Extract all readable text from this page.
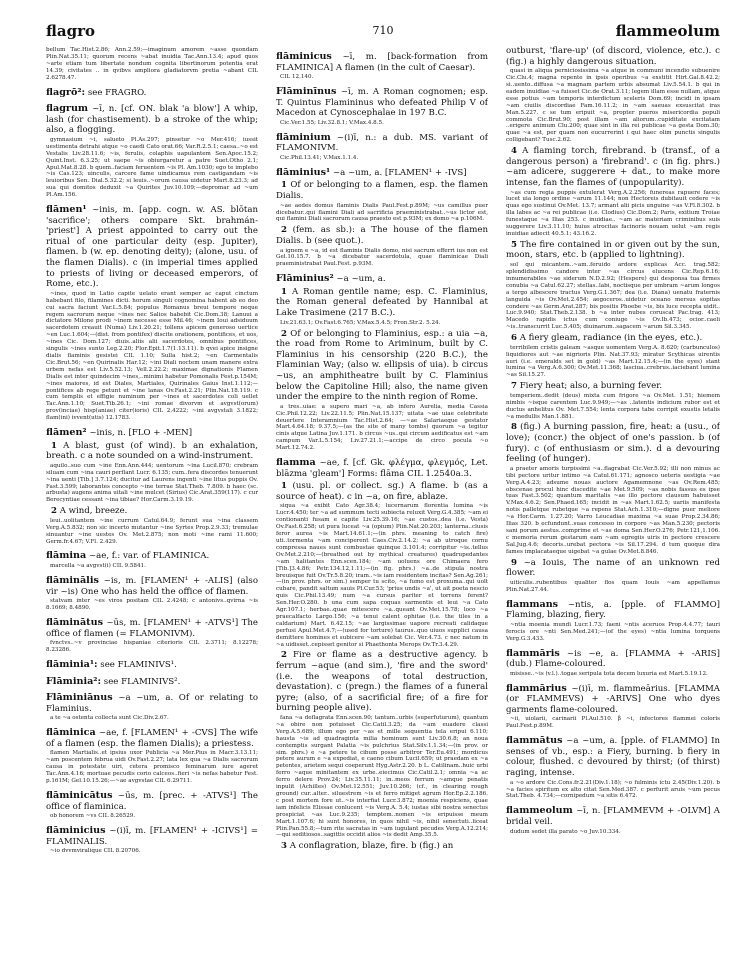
flagro	710	flammeolum

bellum Tac.Hist.2.86; Ann.2.59;—imaginum amorem ~asse quondam Plin.Nat.35.11; quorum recens ~abat inuidia Tac.Ann.13.4; apud quos ~arte etiam tum libertate nondum cognita libertinorum potentia erat 14.39; civitates .. in qvibvs ampliora gladiatorvm pretia ~abant CIL 2.6278.47.

flagrō²: see FRAGRO.

flagrum ~ī, n. [cf. ON. blak 'a blow'] A whip, lash (for chastisement). b a stroke of the whip; also, a flogging.

gymnasium ~i, salueto Pl.As.297; pinsetur ~o Mer.416; iussit uestimenta detrahi atque ~o caedi Cato orat.66; Var.R.2.5.1; caesa..~o est Vestalis Liv.28.11.6; ~is, ferulis, colaphis uapulantem Sen.Apoc.15.2; Quint.Inst. 6.3.25; ut saepe ~is obiurgaretur a patre Suet.Otho 2.1; Apul.Mat.8.28. b quem..faciam feruentem ~is Pl. Am.1030; ego te implebo ~is Cas.123; uinculis, carcere fame uindicamus rem castigandam ~is leuioribus Sen. Dial.5.32.2; si leuis..~orum causa uidetur Mart.8.23.3; ad sua qui domitos deduxit ~a Quirites Juv.10.109;—depromar ad ~um Pl.Am.156.

flāmen¹ ~inis, m. [app. cogn. w. AS. blōtan 'sacrifice'; others compare Skt. brahmán- 'priest'] A priest appointed to carry out the ritual of one particular deity (esp. Jupiter), flamen. b (w. ep. denoting deity); (alone, usu. of the flamen Dialis). c (in imperial times applied to priests of living or deceased emperors, of Rome, etc.).

~ines, quod in Latio capite uelato erant semper ac caput cinctum habebant filo, filamines dicti. horum singuli cognomina habent ab eo deo cui sacra faciunt Var.L.5.84; populus Romanus breui tempore neque regem sacrorum neque ~ines nec Salios habebit Cic.Dom.38; Lanuui a dictatore Milone prodi ~inem necesse esse Mil.46; ~inem Ioui adsiduum sacerdotem creauit (Numa) Liv.1.20.21; tollens apicem generoso uertice ~en Luc.1.604;—(dist. from pontifex) discite orationem, pontifices, et uos, ~ines Cic. Dom.127; diuis..aliis alii sacerdotes, omnibus pontifices, singulis ~ines sunto Leg.2.20; Flor.Epit.1.7(1.13.11). b qvei apice insigne dialis flaminis gesistei CIL 1.10; Sulla hist.2; ~en Carmentalis Cic.Brut.56; ~en Quirinalis Har.12; ~ini Diali noctem unam manere extra urbem nefas est Liv.5.52.13; Vell.2.22.2; maximae dignationis Flamen Dialis est inter quindecim ~ines,..minimi habetur Pomonalis Fest.p.154M; ~ines maiores, id est Diales, Martiales, Quirinales Gaius Inst.1.112;—pontifices ab rege petunt et ~ine lanas Ov.Fast.2.21; Plin.Nat.18.119. c cum templis et effigie numinum per ~ines et sacerdotes coli uellet Tac.Ann.1.10; Suet.Tib.26.1; ~ini romae divorvm et avgvst(orum) prov(inciae) hisp(aniae) citer(ioris) CIL 2.4222; ~ini avgvstali 3.1822; flam(ini) ivvent(utis) 12.1783.

flāmen² ~inis, n. [FLO + -MEN]

1 A blast, gust (of wind). b an exhalation, breath. c a note sounded on a wind-instrument.

aquilo..suo cum ~ine Enn.Ann.444; uentorum ~ina Lucil.870; crebram siluam cum ~ina cauri perflant Lucr. 6.135; cum..fera discordes tenuerunt ~ina uenti [Tib.] 3.7.124; ducitur ad Laurens ingenti ~ine litus puppis Ov. Fast.3.599; laborantes concepto ~ine terrae Stat.Theb. 7.809. b haec (sc. arbusta) augens anima uitali ~ine mulcet (Sirius) Cic.Arat.359(117). c cur Berecyntiae cessant ~ina tibiae? Hor.Carm.3.19.19.

2 A wind, breeze.

leui..uolitantem ~ine currum Catul.64.9; ferunt sua ~ina classem Verg.A.5.832; non sic incerto mutantur ~ine Syrtes Prop.2.9.33; tremulae sinuantur ~ine uestes Ov. Met.2.875; non moti ~ine rami 11.600; Germ.fr.4.67; V.Fl. 2.429.

flāmina ~ae, f.: var. of FLAMINICA.

marcella ~a avgvst(i) CIL 9.5841.

flāminālis ~is, m. [FLAMEN¹ + -ALIS] (also vir ~is) One who has held the office of flamen.

statvam inter ~es viros positam CIL 2.4248; c antonivs..qvirna ~is 8.1669; 8.4890.

flāminātus ~ūs, m. [FLAMEN¹ + -ATVS¹] The office of flamen (= FLAMONIVM).

fvnctvs..~v provinciae hispaniae citerioris CIL 2.3711; 8.12278; 8.23286.

flāminia¹: see FLAMINIVS¹.

Flāminia²: see FLAMINIVS².

Flāminiānus ~a ~um, a. Of or relating to Flaminius.

a te ~a ostenta collecta sunt Cic.Div.2.67.

flāminica ~ae, f. [FLAMEN¹ + -CVS] The wife of a flamen (esp. the flamen Dialis); a priestess.

flamen Martialis..et ipsius uxor Publicia ~a Mer.Pius in Macr.3.13.11; ~am poscentem februa uidi Ov.Fast.2.27; lata lex qua ~a Dialis sacrorum causa in potestate uiri, cetera promisco feminarum iure ageret Tac.Ann.4.16; mortuae pecudis corio calceos..fieri ~is nefas habetur Fest. p.161M; Gel.10.15.26;—~ae avgvstae CIL 6.29711.

flāminicātus ~ūs, m. [prec. + -ATVS¹] The office of flaminica.

ob honorem ~vs CIL 8.26529.

flāminicius ~(i)ī, m. [FLAMEN¹ + -ICIVS¹] = FLAMINALIS.

~io dvvmviralique CIL 8.20706.

flāminicus ~ī, m. [back-formation from FLAMINICA] A flamen (in the cult of Caesar).

CIL 12.140.

Flāminīnus ~ī, m. A Roman cognomen; esp. T. Quintus Flamininus who defeated Philip V of Macedon at Cynoscephalae in 197 B.C.

Cic.Ver.1.55; Liv.32.8.1; V.Max.4.8.5.

flāminium ~(i)ī, n.: a dub. MS. variant of FLAMONIVM.

Cic.Phil.13.41; V.Max.1.1.4.

flāminius¹ ~a ~um, a. [FLAMEN¹ + -IVS]

1 Of or belonging to a flamen, esp. the flamen Dialis.

~ae aedes domus flaminis Dialis Paul.Fest.p.89M; ~us camillus puer dicebatur..qui flamini Diali ad sacrificia praeministrabat..~us lictor est, qui flamini Diali sacrorum causa praesto est p.93M; ex domo ~a p.106M.

2 (fem. as sb.): a The house of the flamen Dialis. b (see quot.).

a ignem e ~a, id est flaminis Dialis domo, nisi sacrum efferri ius non est Gel.10.15.7. b ~a dicebatur sacerdotula, quae flaminicae Diali praeministrabat Paul.Fest. p.93M.

Flāminius² ~a ~um, a.

1 A Roman gentile name; esp. C. Flaminius, the Roman general defeated by Hannibal at Lake Trasimene (217 B.C.).

Liv.21.63.1; Ov.Fast.6.765; V.Max.5.4.5; Fron.Str.2. 5.24.

2 Of or belonging to Flaminius, esp.: a uia ~a, the road from Rome to Ariminum, built by C. Flaminius in his censorship (220 B.C.), the Flaminian Way; (also w. ellipsis of uia). b circus ~us, an amphitheatre built by C. Flaminius below the Capitoline Hill; also, the name given under the empire to the ninth region of Rome.

a tres..uiae: a supero mari ~a, ab infero Aurelia, media Cassia Cic.Phil.12.22; Liv.22.11.5; Plin.Nat.15.137; uitata ~ae uiae celebritate deuertere Interamnium Tac.Hist.2.64; —~ae Salariaeque gestator Mart.4.64.18; 9.37.5;—(as the site of many tombs) quorum ~a tegitur cinis atque Latina Juv.1.171. b circus ~us..qui circum aedificatus est ~am campum Var.L.5.154; Liv.27.21.1;—accipe de circo pocula ~o Mart.12.74.2.

flamma ~ae, f. [cf. Gk. φλέγμα, φλεγμός, Let. blāzma 'gleam'] Forms: flāma CIL 1.2540a.3.

1 (usu. pl. or collect. sg.) A flame. b (as a source of heat). c in ~a, on fire, ablaze.

siqua ~a exibit Cato Agr.38.4; lucernarum florentia lumina ~is Lucr.4.450; ter ~a ad summum tecti subiecta reluxit Verg.G.4.385; ~am ei contionanti fusam e capite Liv.25.39.16; ~ae custos..dea (i.e. Vesta) Ov.Fast.6.258; ut pura luceat ~a (opium) Plin.Nat.20.203; lanterna..clusis feror aurea ~is Mart.14.61.1;—(in phrs. meaning to catch fire) uti..tormenta ~am conciperent Caes.Civ.2.14.2; ~a ab utroque cornu compressa naues sunt combustae quinque 3.101.4; corripitur ~is..tellus Ov.Met.2.210;—(breathed out by mythical creatures) quadrupedantes ~am halitantes Enn.scen.184; ~am uoluens ore Chimaera fero [Tib.]3.4.86; Petr.134.12,1.11;—(in fig. phrs.) ~a..de stipula nostra breuisque fuit Ov.Tr.5.8.20; iram..~is iam residentem incitas? Sen.Ag.261;—(in prov. phrs. or sim.) semper tu scito, ~a fumo est proxuma..qui uolt cubare, pandit saltum sauis Pl.Cur.53; 'prius undis ~a', ut ait poeta nescio quis Cic.Phil.13.49; num ~a cursus pariter et torrens ferent? Sen.Her.O.280. b una cum sapa coquas sarmentis et leui ~a Cato Agr.107.1; herbae..quae mitescere ~a..queant Ov.Met.15.78; loco ~a praecalfacto Largo.156; ~a tenui calent ophitae (i.e. the tiles in a caldarium) Mart. 6.42.15; ~ae largissimae uapore recreati calidaque perfusi Apul.Met.4.7;—(used for torture) taurus..quo uiuos supplici causa demittere homines et subicere ~am solebat Cic. Ver.4.73. c nec natum in ~a uidisset..cepisset genitor si Phaethonta Merops Ov.Tr.3.4.29.

2 Fire or flame as a destructive agency. b ferrum ~aque (and sim.), 'fire and the sword' (i.e. the weapons of total destruction, devastation). c (pregn.) the flames of a funeral pyre; (also, of a sacrificial fire; of a fire for burning people alive).

fana ~a deflagrata Enn.scen.90; tantum..urbis (superfuturum), quantum ~a obire non potuisset Cic.Catil.3.25; da ~am euadere classi Verg.A.5.689; illum ego per ~as et mille sequentia tela eripui 6.110; hausta ~is ad quadraginta milia hominum sunt Liv.30.6.8; an noua contemptis surgant Palatia ~is pulchrius Stat.Silv.1.1.34;—(in prov. or sim. phrs.) e ~a petere te cibum posse arbitror Ter.Eu.491; mordicus petere aurum e ~a expediat, e caeno cibum Lucil.659; ut praedam ex ~a petentes, arietem sequi coeperunt Hyg.Astr.2.20. b L. Catilinam..huic urbi ferro ~aque minitantem ex urbe..eiecimus Cic.Catil.2.1; omnia ~a ac ferro delere Prov.24; Liv.35.11.11; in..meos ferrum ~amque penatis inpulit (Achilles) Ov.Met.12.551; Juv.10.266; (cf., in clearing rough ground) cur..alter.. siluestrem ~is et ferro mitiget agrum Hor.Ep.2.2.186. c post mortem fore ut..~is interfiat Lucr.3.872; moenia respiciens, quae iam infelicis Elissae conlucent ~is Verg.A. 5.4; iustas sibi nostra senectus prospiciat ~as Luc.9.235; temptem..nomen ~is eripuisse meum Mart.1.107.6; hi sunt honores, in quos nihil ~is, nihil senectuti..liceat Plin.Pan.55.8;—tum rite sacratas in ~am iugulant pecudes Verg.A.12.214;—qui seditiosos..sagittis occidit alios ~is dedit Amp.35.5.

3 A conflagration, blaze, fire. b (fig.) an

outburst, 'flare-up' (of discord, violence, etc.). c (fig.) a highly dangerous situation.

quasi in aliqua perniciosissima ~a atque in communi incendio subuenire Cic.Clu.4; magna repente in ipsis operibus ~a exstitit Hirt.Gal.8.42.2; si..uento..diffusa ~a magnam partem urbis absumat Liv.5.54.1. b qui in eadem inuidiae ~a fuisset Cic.de Orat.3.11; legem illam esse nullam, atque esse potius ~am temporis interdictum sceleris Dom.69; incidi in ipsam ~am ciuilis discordiae Fam.16.11.2; in ~am saeuas exsuscitat iras Man.5.227. c se tum eripuit ~a, propter pueros misericordia populi commota Cic.Brut.90; post illam ~am aliorum..cupiditate excitatam ..erigere animum Clu.200; quae sint in illa rei publicae ~a gesta Dom.30; quae ~a est, per quam non eucurrerint i qui haec olim punctis singulis colligebant? Tusc.2.62.

4 A flaming torch, firebrand. b (transf., of a dangerous person) a 'firebrand'. c (in fig. phrs.) ~am adicere, suggerere + dat., to make more intense, fan the flames of (unpopularity).

~as cum regia puppis extulerat Verg.A.2.256; funereas rapuere faces; lucet uia longo ordine ~arum 11.144; non Hectoreis dubitauit cedere ~is quas ego sustinui Ov.Met. 13.7; armant alii picis unguine ~as V.Fl.8.302. b illa labes ac ~a rei publicae (i.e. Clodius) Cic.Dom.2; Paris, exitium Troiae funestaque ~a Ilias 253. c inuidiae.. ~am ac materiam criminibus suis suggerere Liv.3.11.10; huius atrocitas facinoris nouam uelut ~am regis inuidiae adiecit 40.5.1; 43.16.2.

5 The fire contained in or given out by the sun, moon, stars, etc. b (applied to lightning).

sol qui micantem..~am..feruido ardore explicas Acc. trag.582; splendidissimo candore inter ~as circus elucens Cic.Rep.6.16; innumerabiles ~ae siderum N.D.2.92; (Hespere) qui desponsa tua firmes conubia ~a Catul.62.27; stellas..labi, noctisque per umbram ~arum longos a tergo albescere tractus Verg.G.1.367; dea (i.e. Diana) uenatu fraternis languida ~is Ov.Met.2.454; aegoceros..uidetur oceano mersus sopitas condere ~as Germ.Arat.287; bis positis Phoebe ~is, bis luce recepta uidit.. Luc.9.940; Stat.Theb.2.138. b ~a inter nubes coruscat Pac.trag. 413; Macedo rapidis ictus cum coniuge ~is Ov.Ib.473; ocior..caeli ~is..transcurrit Luc.5.405; diuinarum..sagacem ~arum Sil.3.345.

6 A fiery gleam, radiance (in the eyes, etc.).

terribilem cristis galeam ~asque uomentem Verg.A. 8.620; (carbunculos) liquidiores aut ~ae nigrioris Plin. Nat.37.93; miratur Scythicas uirentis auri (i.e. emeralds set in gold) ~as Mart.12.15.4;—(in the eyes) stant lumina ~a Verg.A.6.300; Ov.Met.11.368; lasciua..crebrus..iaciebant lumina ~as Sil.15.27.

7 Fiery heat; also, a burning fever.

temperiem..dedit (deus) mixta cum frigore ~a Ov.Met. 1.51; hiemem nimbis ~isque carentem Luc.9.949;—~as ..latentis indicium rubor est et ductus anhelitus Ov. Met.7.554; lenta corpora tabe corripit exustis letalis ~a medullis Man.1.881.

8 (fig.) A burning passion, fire, heat: a (usu., of love); (concr.) the object of one's passion. b (of fury). c (of enthusiasm or sim.). d a devouring feeling (of hunger).

a praeter amoris turpissimi ~a..flagrabat Cic.Ver.5.92; illi non minus ac tibi pectore uritur intimo ~a Catul.61.171; agnosco ueteris uestigia ~ae Verg.A.4.23; adsume nouas auctore Agamemnone ~as Ov.Rem.485; obscenae procul hinc discedite ~ae Met.9.509; ~as nobis fassus es ipse tuas Fast.3.502; quantum maritalis ~ae illo pectore clausum habuisset V.Max.4.6.2; Sen.Phaed.165; incidit in ~as Mart.1.62.5; uariis manifesta notis palletque rubetque ~a repens Stat.Ach.1.310;—digne puer meliore ~a Hor.Carm. 1.27.20; Varro Leucadiae maxima ~a suae Prop.2.34.86; Ilias 320. b ecfundunt..suas concesso in corpore ~as Man.5.230; pectoris sani porum aestus..comprime et ~as doma Sen.Her.O.276; Petr.121,1.106. c memoria rerum gestarum eam ~am egregiis uiris in pectore crescere Sal.Jug.4.6; decoris..urebat pectora ~is Sil.17.294. d tum quoque dira fames implacataeque uigebat ~a gulae Ov.Met.8.846.

9 ~a Iouis, The name of an unknown red flower.

uiticulis..rubentibus qualiter flos quam Iouis ~am appellamus Plin.Nat.27.44.

flammans ~ntis, a. [pple. of FLAMMO] Flaming, blazing, fiery.

~ntia moenia mundi Lucr.1.73; faeni ~ntis aceruos Prop.4.4.77; tauri ferocis ore ~nti Sen.Med.241;—(of the eyes) ~ntia lumina torquens Verg.G.3.433.

flammāris ~is ~e, a. [FLAMMA + -ARIS] (dub.) Flame-coloured.

misisse..~is (v.l.)..togae seripula tota decem luxuria est Mart.5.19.12.

flammārius ~(i)ī, m. flammeārius. [FLAMMA (or FLAMMEVS) + -ARIVS] One who dyes garments flame-coloured.

~ii, uiolarii, carinarii Pl.Aul.510. β ~i, infectores flammei coloris Paul.Fest.p.89M.

flammātus ~a ~um, a. [pple. of FLAMMO] In senses of vb., esp.: a Fiery, burning. b fiery in colour, flushed. c devoured by thirst; (of thirst) raging, intense.

a ~o ardore Cic.Cons.fr.2.21(Div.1.18); ~o fulminis ictu 2.45(Div.1.20). b ~a facies spiritum ex alto citat Sen.Med.387. c perfurit aruis ~um pecus Stat.Theb. 4.734;—cornipedum ~a sitis 6.472.

flammeolum ~ī, n. [FLAMMEVM + -OLVM] A bridal veil.

dudum sedet illa parato ~o Juv.10.334.
